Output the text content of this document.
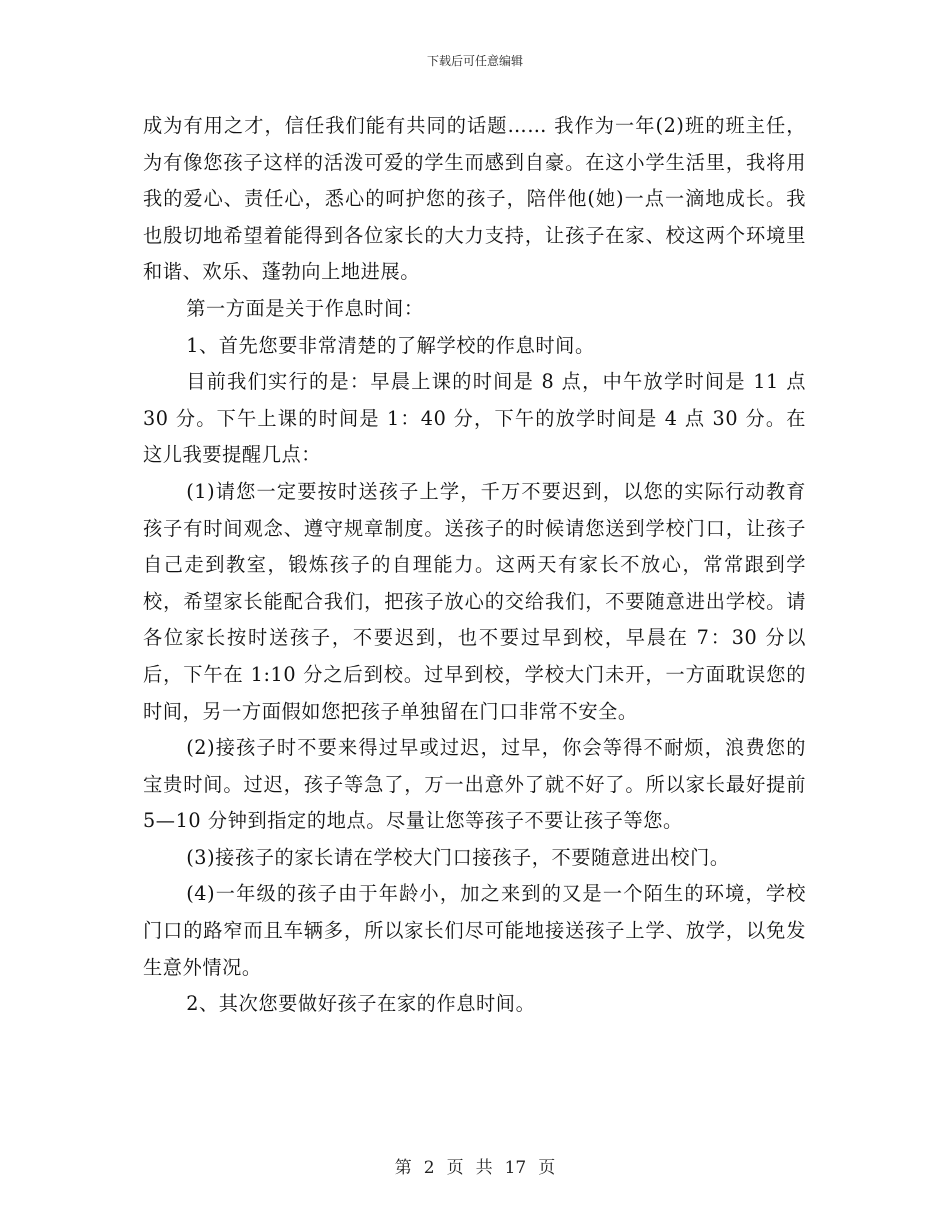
下载后可任意编辑

成为有用之才，信任我们能有共同的话题…… 我作为一年(2)班的班主任，为有像您孩子这样的活泼可爱的学生而感到自豪。在这小学生活里，我将用我的爱心、责任心，悉心的呵护您的孩子，陪伴他(她)一点一滴地成长。我也殷切地希望着能得到各位家长的大力支持，让孩子在家、校这两个环境里和谐、欢乐、蓬勃向上地进展。

第一方面是关于作息时间：

1、首先您要非常清楚的了解学校的作息时间。

目前我们实行的是：早晨上课的时间是 8 点，中午放学时间是 11 点 30 分。下午上课的时间是 1：40 分，下午的放学时间是 4 点 30 分。在这儿我要提醒几点：

(1)请您一定要按时送孩子上学，千万不要迟到，以您的实际行动教育孩子有时间观念、遵守规章制度。送孩子的时候请您送到学校门口，让孩子自己走到教室，锻炼孩子的自理能力。这两天有家长不放心，常常跟到学校，希望家长能配合我们，把孩子放心的交给我们，不要随意进出学校。请各位家长按时送孩子，不要迟到，也不要过早到校，早晨在 7：30 分以后，下午在 1:10 分之后到校。过早到校，学校大门未开，一方面耽误您的时间，另一方面假如您把孩子单独留在门口非常不安全。

(2)接孩子时不要来得过早或过迟，过早，你会等得不耐烦，浪费您的宝贵时间。过迟，孩子等急了，万一出意外了就不好了。所以家长最好提前 5—10 分钟到指定的地点。尽量让您等孩子不要让孩子等您。

(3)接孩子的家长请在学校大门口接孩子，不要随意进出校门。

(4)一年级的孩子由于年龄小，加之来到的又是一个陌生的环境，学校门口的路窄而且车辆多，所以家长们尽可能地接送孩子上学、放学，以免发生意外情况。

2、其次您要做好孩子在家的作息时间。

第 2 页 共 17 页
